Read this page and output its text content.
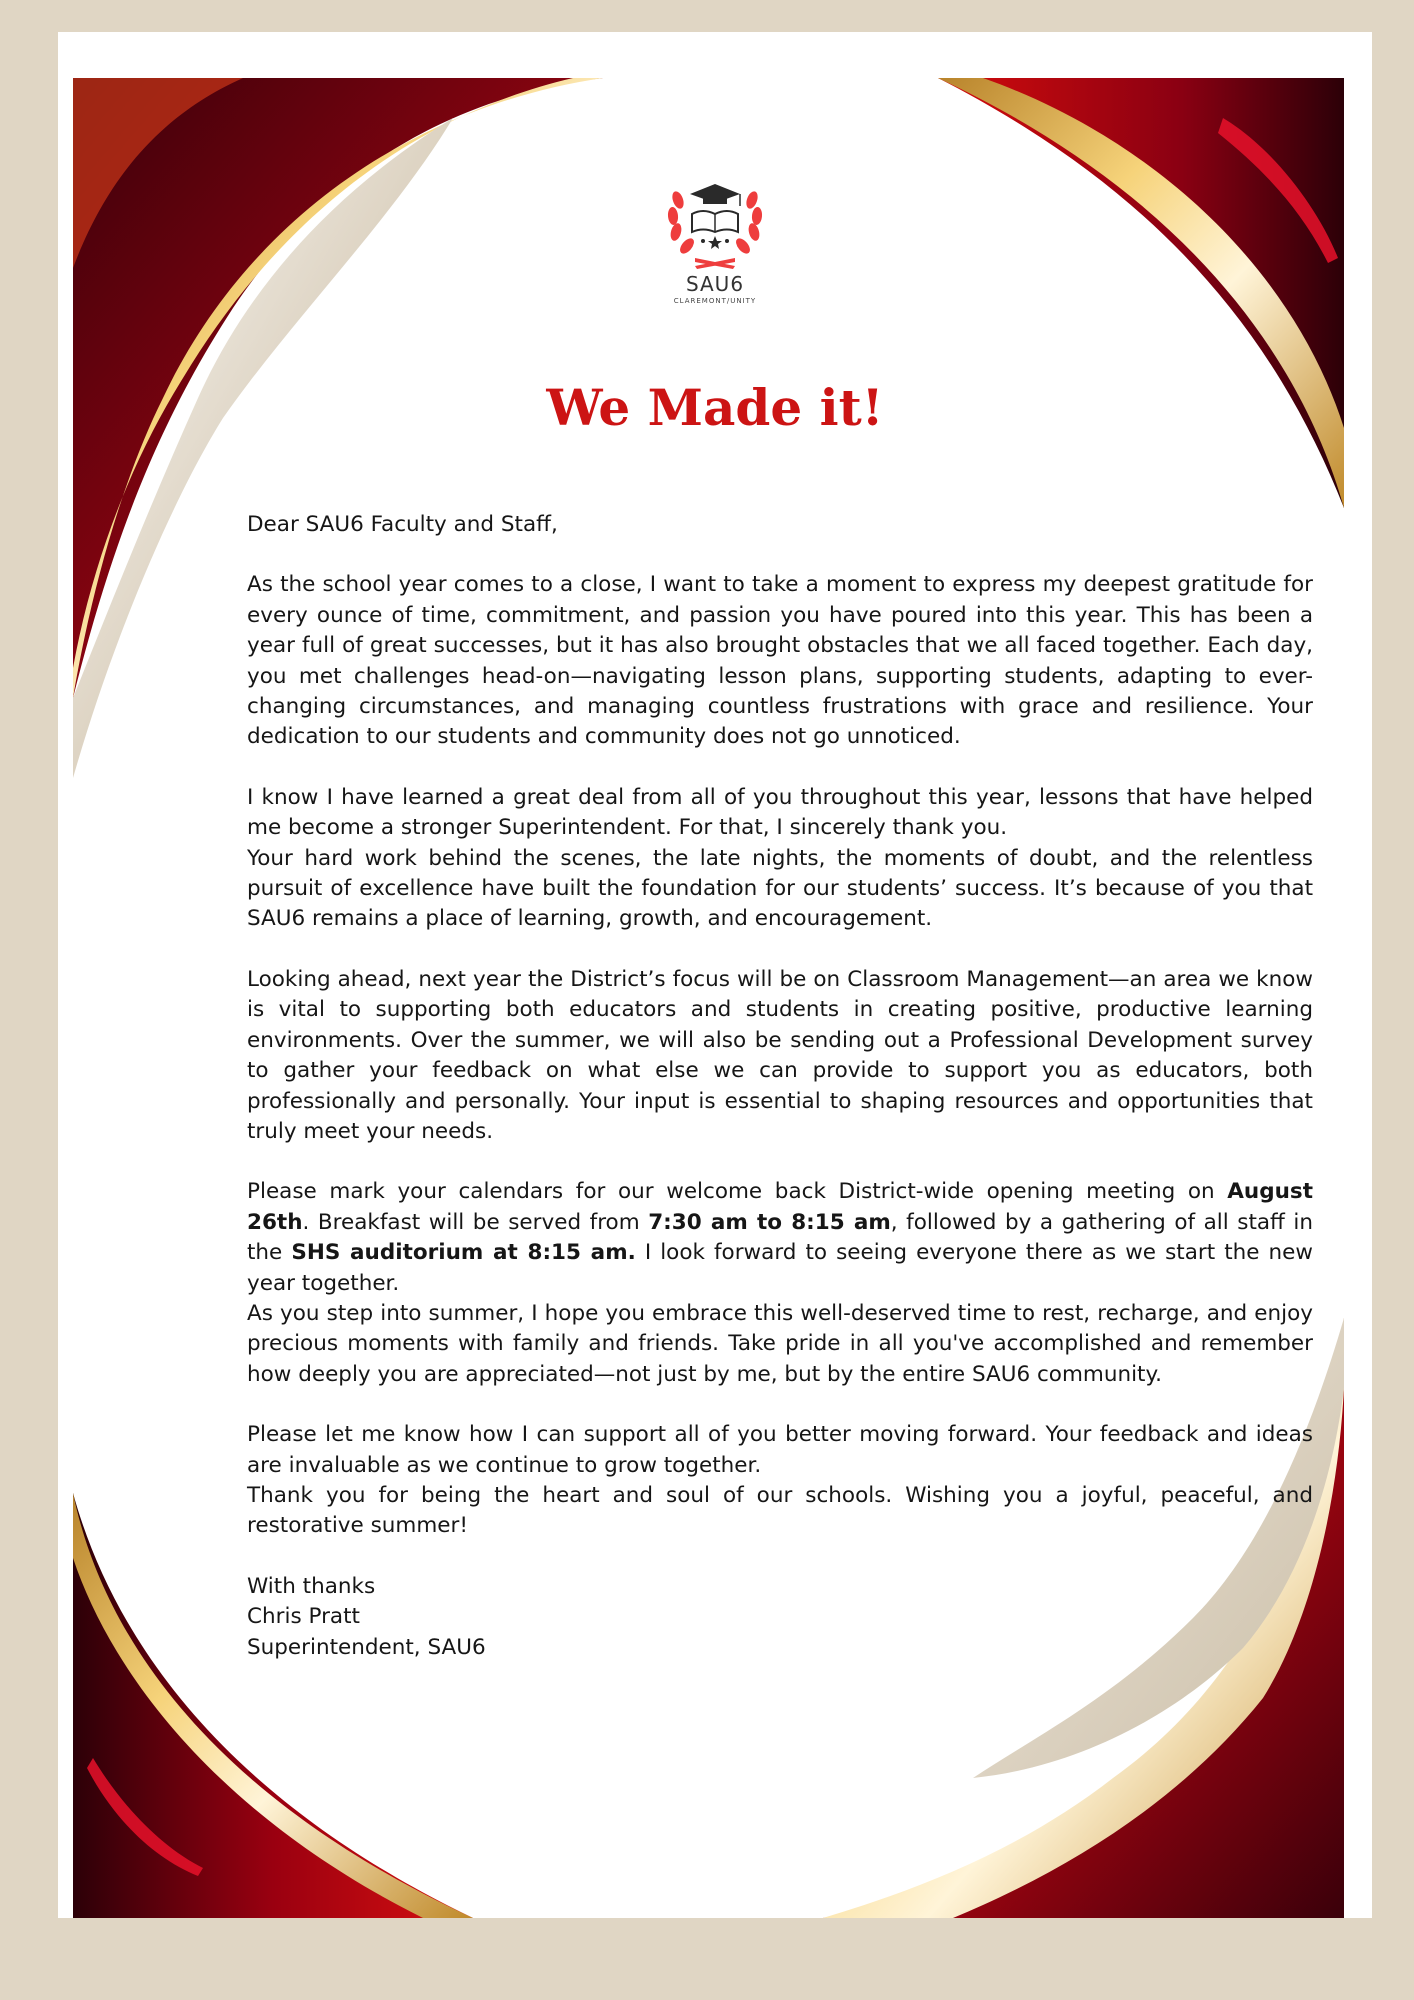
SAU6
CLAREMONT/UNITY
We Made it!

Dear SAU6 Faculty and Staff,

As the school year comes to a close, I want to take a moment to express my deepest gratitude for every ounce of time, commitment, and passion you have poured into this year. This has been a year full of great successes, but it has also brought obstacles that we all faced together. Each day, you met challenges head-on—navigating lesson plans, supporting students, adapting to ever-changing circumstances, and managing countless frustrations with grace and resilience. Your dedication to our students and community does not go unnoticed.

I know I have learned a great deal from all of you throughout this year, lessons that have helped me become a stronger Superintendent. For that, I sincerely thank you.

Your hard work behind the scenes, the late nights, the moments of doubt, and the relentless pursuit of excellence have built the foundation for our students’ success. It’s because of you that SAU6 remains a place of learning, growth, and encouragement.

Looking ahead, next year the District’s focus will be on Classroom Management—an area we know is vital to supporting both educators and students in creating positive, productive learning environments. Over the summer, we will also be sending out a Professional Development survey to gather your feedback on what else we can provide to support you as educators, both professionally and personally. Your input is essential to shaping resources and opportunities that truly meet your needs.

Please mark your calendars for our welcome back District-wide opening meeting on August 26th. Breakfast will be served from 7:30 am to 8:15 am, followed by a gathering of all staff in the SHS auditorium at 8:15 am. I look forward to seeing everyone there as we start the new year together.

As you step into summer, I hope you embrace this well-deserved time to rest, recharge, and enjoy precious moments with family and friends. Take pride in all you've accomplished and remember how deeply you are appreciated—not just by me, but by the entire SAU6 community.

Please let me know how I can support all of you better moving forward. Your feedback and ideas are invaluable as we continue to grow together.

Thank you for being the heart and soul of our schools. Wishing you a joyful, peaceful, and restorative summer!

With thanks

Chris Pratt

Superintendent, SAU6
